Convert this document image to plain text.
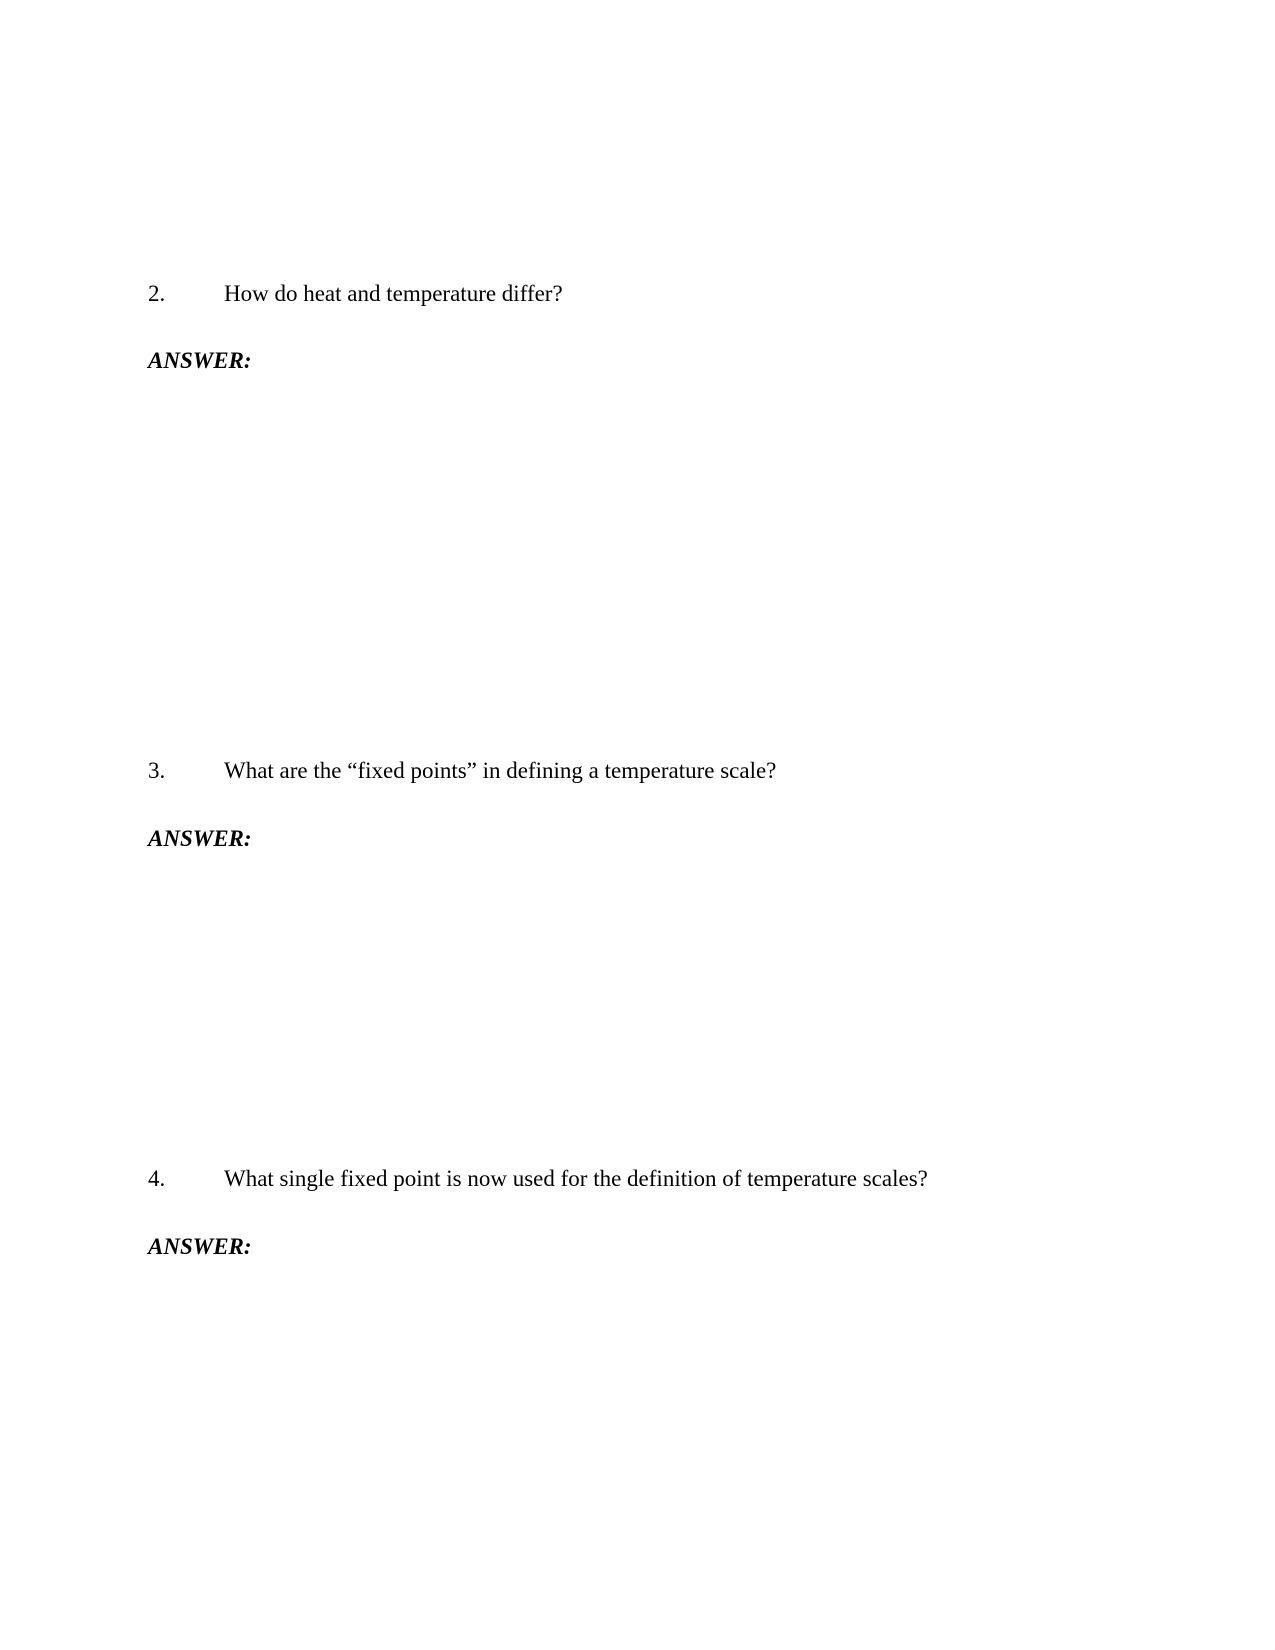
2.	How do heat and temperature differ?
ANSWER:
3.	What are the “fixed points” in defining a temperature scale?
ANSWER:
4.	What single fixed point is now used for the definition of temperature scales?
ANSWER:
